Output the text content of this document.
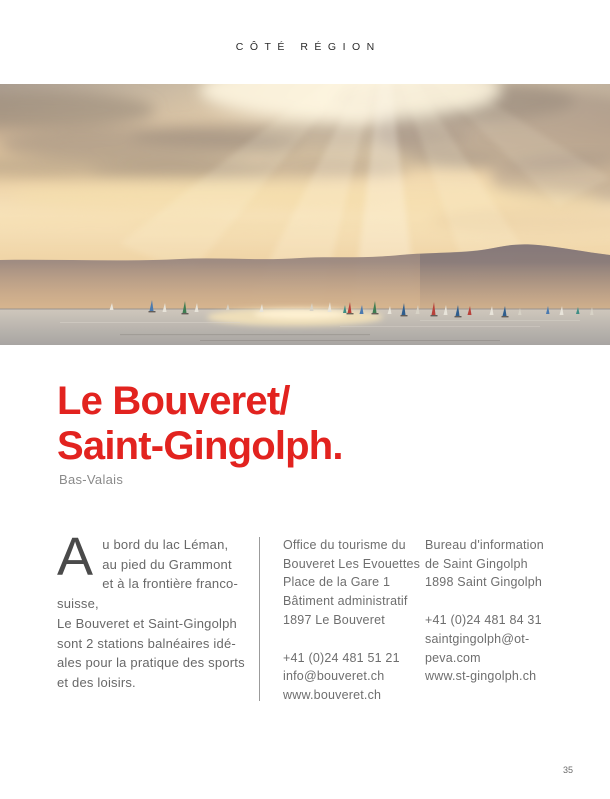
CÔTÉ RÉGION
Le Bouveret/
Saint-Gingolph.
Bas-Valais
A u bord du lac Léman,
au pied du Grammont
et à la frontière franco-suisse,
Le Bouveret et Saint-Gingolph
sont 2 stations balnéaires idé-
ales pour la pratique des sports
et des loisirs.
Office du tourisme du
Bouveret Les Evouettes
Place de la Gare 1
Bâtiment administratif
1897 Le Bouveret
+41 (0)24 481 51 21
info@bouveret.ch
www.bouveret.ch
Bureau d'information
de Saint Gingolph
1898 Saint Gingolph
+41 (0)24 481 84 31
saintgingolph@ot-peva.com
www.st-gingolph.ch
35
